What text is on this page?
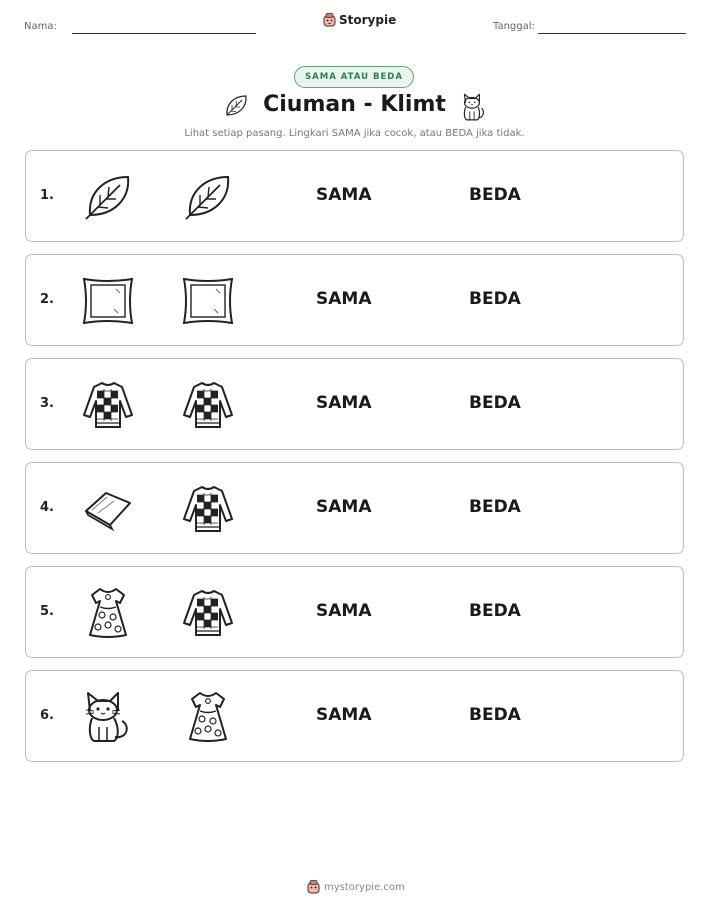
Nama:	Storypie	Tanggal:
SAMA ATAU BEDA
Ciuman - Klimt
Lihat setiap pasang. Lingkari SAMA jika cocok, atau BEDA jika tidak.
1.	SAMA	BEDA
2.	SAMA	BEDA
3.	SAMA	BEDA
4.	SAMA	BEDA
5.	SAMA	BEDA
6.	SAMA	BEDA
mystorypie.com
